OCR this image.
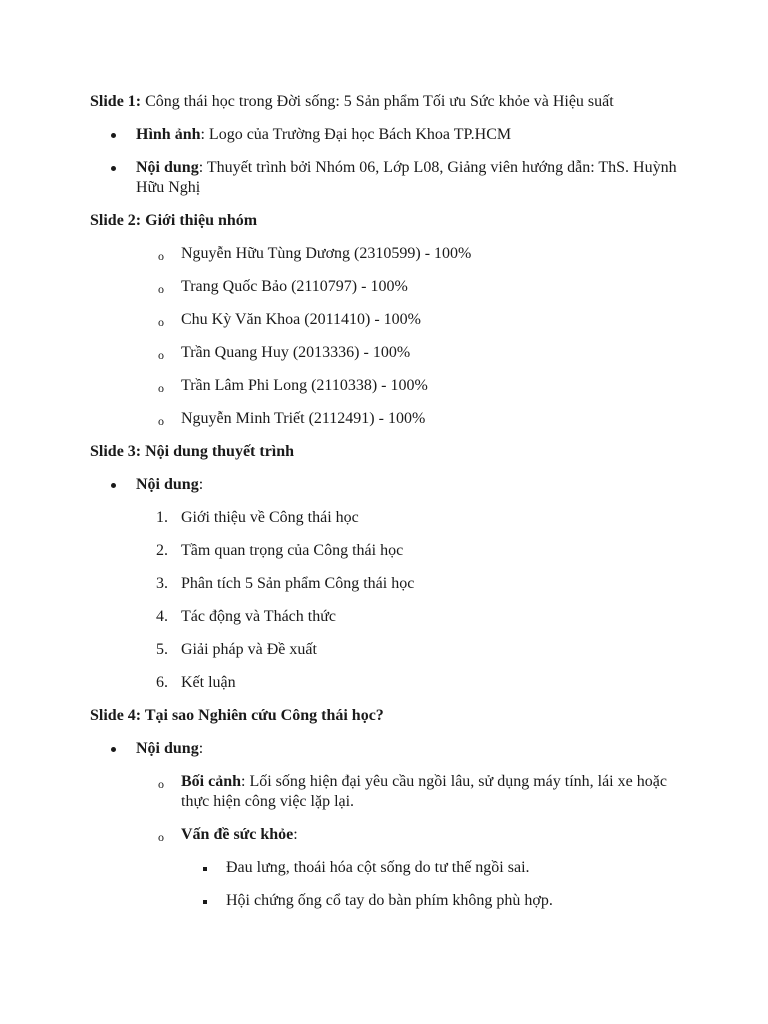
Slide 1: Công thái học trong Đời sống: 5 Sản phẩm Tối ưu Sức khỏe và Hiệu suất

Hình ảnh: Logo của Trường Đại học Bách Khoa TP.HCM
Nội dung: Thuyết trình bởi Nhóm 06, Lớp L08, Giảng viên hướng dẫn: ThS. Huỳnh Hữu Nghị

Slide 2: Giới thiệu nhóm

o Nguyễn Hữu Tùng Dương (2310599) - 100%
o Trang Quốc Bảo (2110797) - 100%
o Chu Kỳ Văn Khoa (2011410) - 100%
o Trần Quang Huy (2013336) - 100%
o Trần Lâm Phi Long (2110338) - 100%
o Nguyễn Minh Triết (2112491) - 100%

Slide 3: Nội dung thuyết trình

Nội dung:
1. Giới thiệu về Công thái học
2. Tầm quan trọng của Công thái học
3. Phân tích 5 Sản phẩm Công thái học
4. Tác động và Thách thức
5. Giải pháp và Đề xuất
6. Kết luận

Slide 4: Tại sao Nghiên cứu Công thái học?

Nội dung:
o Bối cảnh: Lối sống hiện đại yêu cầu ngồi lâu, sử dụng máy tính, lái xe hoặc thực hiện công việc lặp lại.
o Vấn đề sức khỏe:
Đau lưng, thoái hóa cột sống do tư thế ngồi sai.
Hội chứng ống cổ tay do bàn phím không phù hợp.
